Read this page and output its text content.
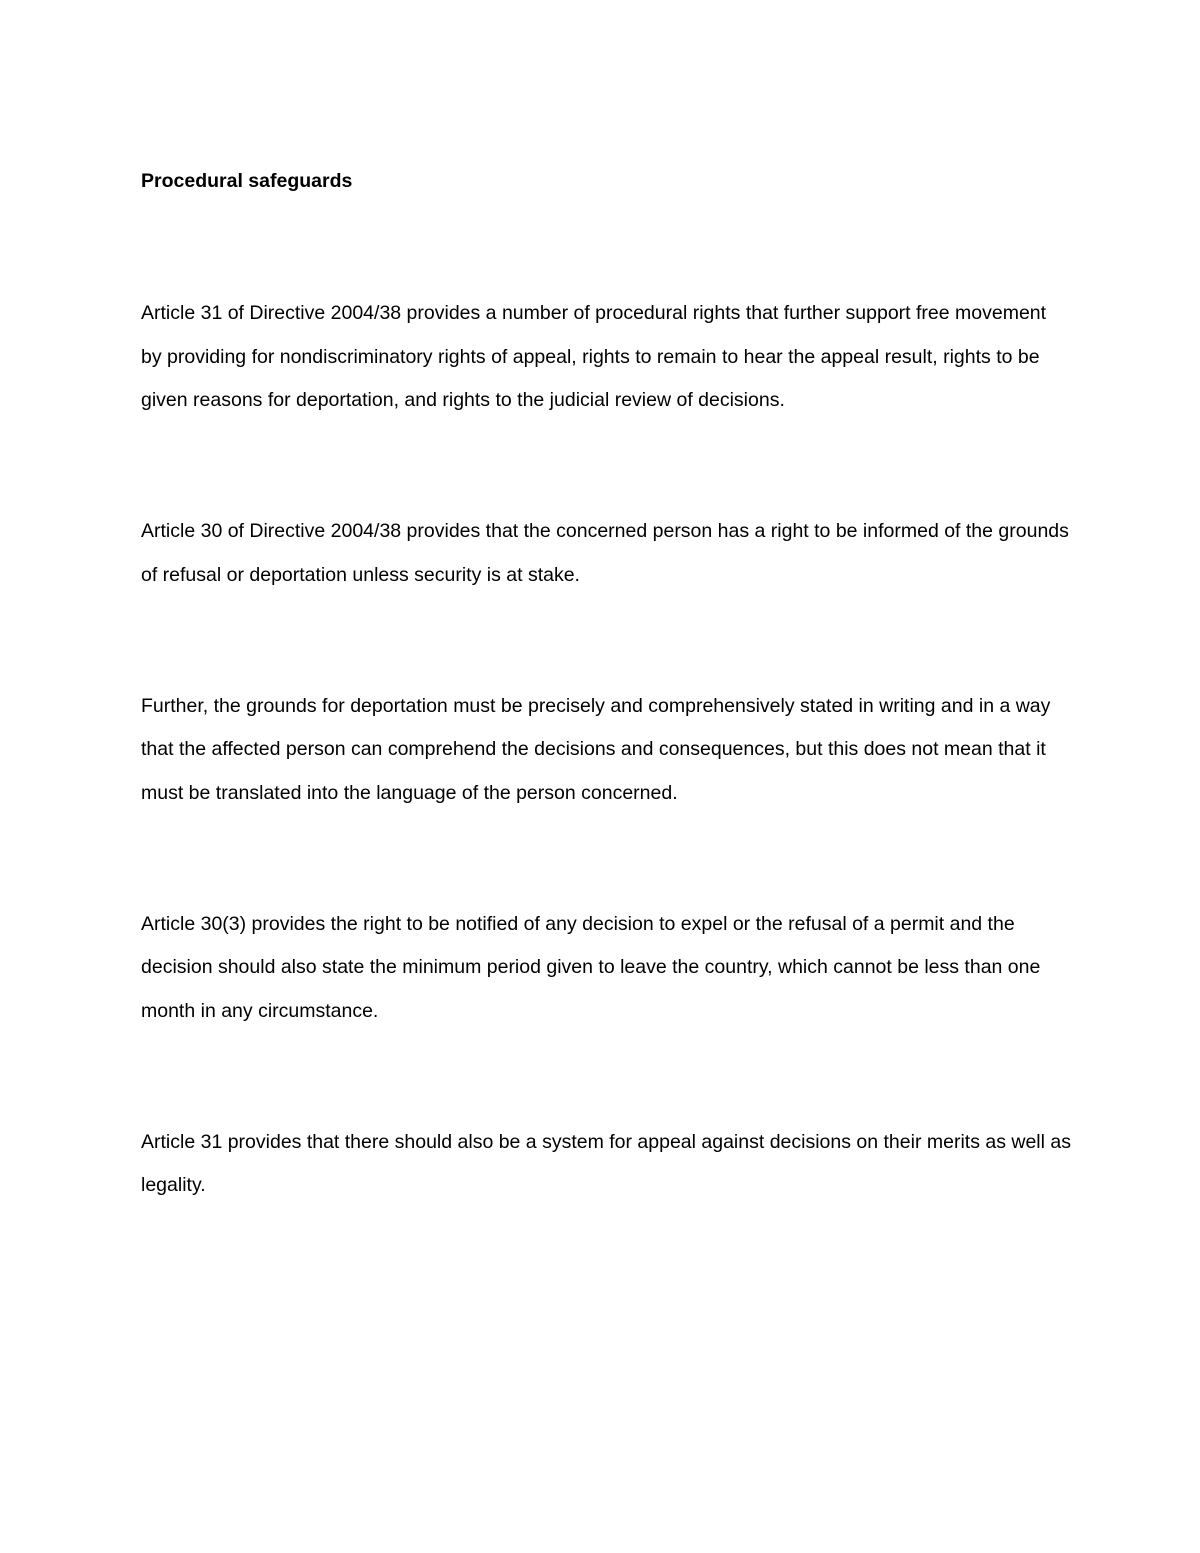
Procedural safeguards

Article 31 of Directive 2004/38 provides a number of procedural rights that further support free movement by providing for nondiscriminatory rights of appeal, rights to remain to hear the appeal result, rights to be given reasons for deportation, and rights to the judicial review of decisions.

Article 30 of Directive 2004/38 provides that the concerned person has a right to be informed of the grounds of refusal or deportation unless security is at stake.

Further, the grounds for deportation must be precisely and comprehensively stated in writing and in a way that the affected person can comprehend the decisions and consequences, but this does not mean that it must be translated into the language of the person concerned.

Article 30(3) provides the right to be notified of any decision to expel or the refusal of a permit and the decision should also state the minimum period given to leave the country, which cannot be less than one month in any circumstance.

Article 31 provides that there should also be a system for appeal against decisions on their merits as well as legality.
